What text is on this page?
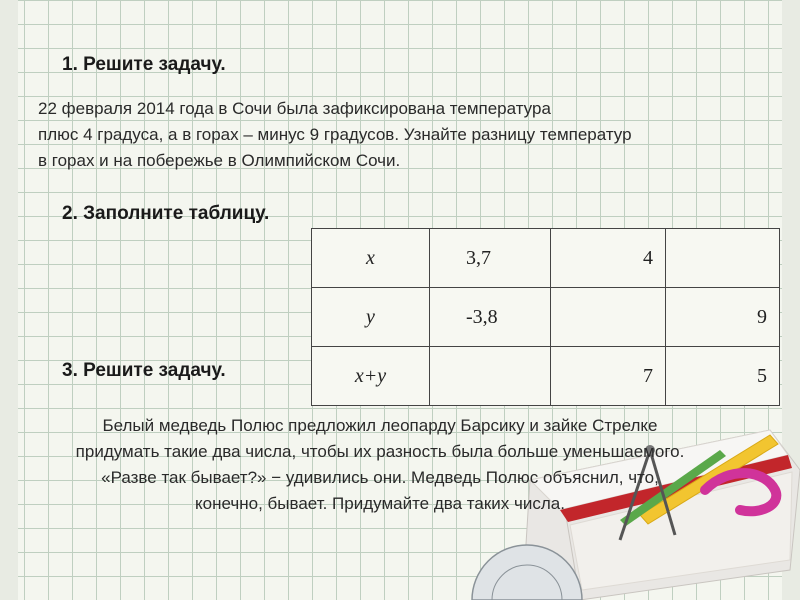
1. Решите задачу.

22 февраля 2014 года в Сочи была зафиксирована температура
плюс 4 градуса, а в горах – минус 9 градусов. Узнайте разницу температур
в горах и на побережье в Олимпийском Сочи.

2. Заполните таблицу.
x	3,7	4	
y	-3,8		9
x+y		7	5
3. Решите задачу.

Белый медведь Полюс предложил леопарду Барсику и зайке Стрелке
придумать такие два числа, чтобы их разность была больше уменьшаемого.
«Разве так бывает?» − удивились они. Медведь Полюс объяснил, что,
конечно, бывает. Придумайте два таких числа.
